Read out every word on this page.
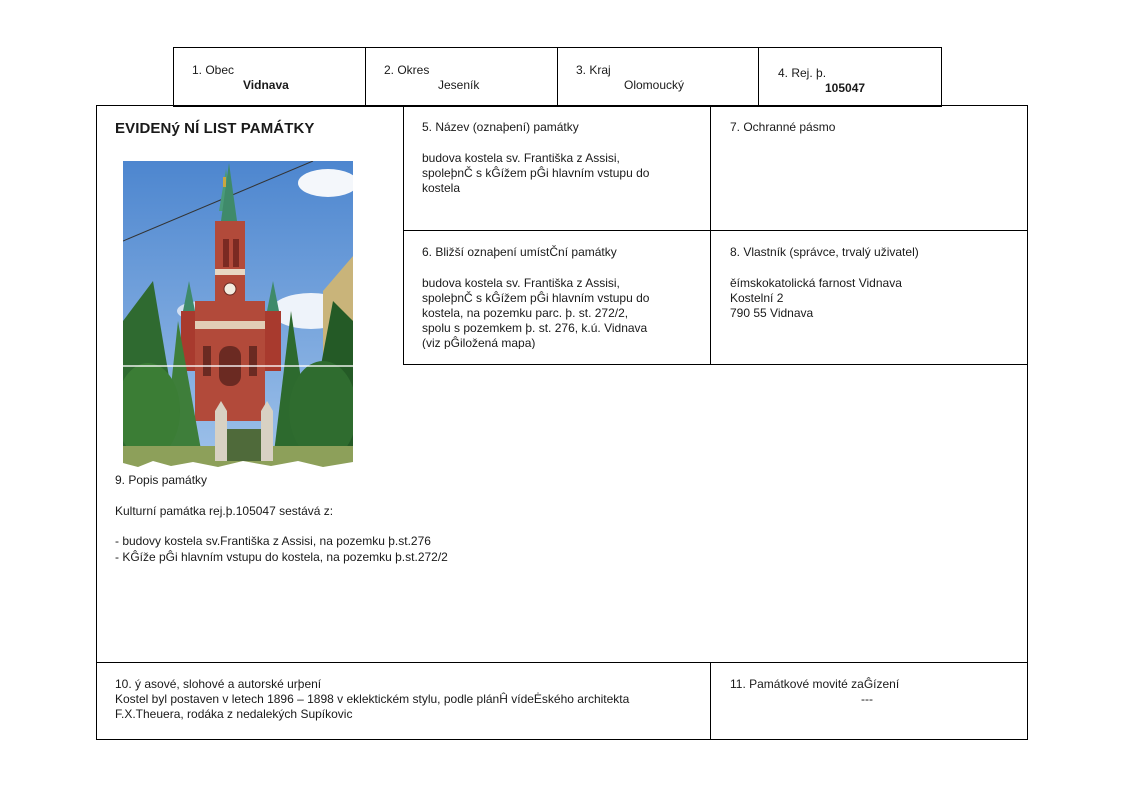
1. Obec
Vidnava
2. Okres
Jeseník
3. Kraj
Olomoucký
4. Rej. þ.
105047
EVIDENý NÍ LIST PAMÁTKY	5. Název (oznaþení) památky
budova kostela sv. Františka z Assisi,
spoleþnČ s kĜížem pĜi hlavním vstupu do
kostela
7. Ochranné pásmo
6. Bližší oznaþení umístČní památky
budova kostela sv. Františka z Assisi,
spoleþnČ s kĜížem pĜi hlavním vstupu do
kostela, na pozemku parc. þ. st. 272/2,
spolu s pozemkem þ. st. 276, k.ú. Vidnava
(viz pĜiložená mapa)
8. Vlastník (správce, trvalý uživatel)
ěímskokatolická farnost Vidnava
Kostelní 2
790 55 Vidnava
9. Popis památky
Kulturní památka rej.þ.105047 sestává z:
- budovy kostela sv.Františka z Assisi, na pozemku þ.st.276
- KĜíže pĜi hlavním vstupu do kostela, na pozemku þ.st.272/2
10. ý asové, slohové a autorské urþení
Kostel byl postaven v letech 1896 – 1898 v eklektickém stylu, podle plánĤ vídeĖského architekta
F.X.Theuera, rodáka z nedalekých Supíkovic
11. Památkové movité zaĜízení
---
